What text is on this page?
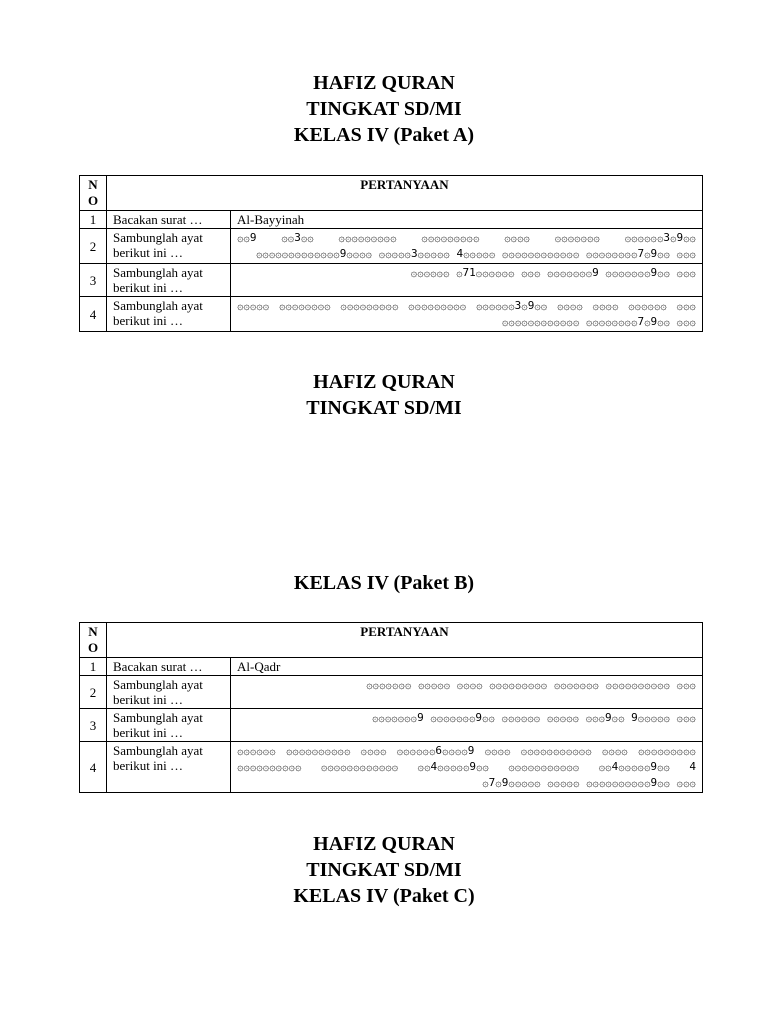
HAFIZ QURAN
TINGKAT SD/MI
KELAS IV (Paket A)
N O	PERTANYAAN	
1	Bacakan surat …	Al-Bayyinah
2	Sambunglah ayat berikut ini …	۞۞9 ۞۞3۞۞ ۞۞۞۞۞۞۞۞۞ ۞۞۞۞۞۞۞۞۞ ۞۞۞۞ ۞۞۞۞۞۞۞ ۞۞۞۞۞۞3۞9۞۞ ۞۞۞۞۞۞۞۞۞۞۞۞۞9۞۞۞۞ ۞۞۞۞۞3۞۞۞۞۞ 4۞۞۞۞۞ ۞۞۞۞۞۞۞۞۞۞۞۞ ۞۞۞۞۞۞۞۞7۞9۞۞ ۞۞۞
3	Sambunglah ayat berikut ini …	۞۞۞۞۞۞ ۞71۞۞۞۞۞۞ ۞۞۞ ۞۞۞۞۞۞۞9 ۞۞۞۞۞۞۞9۞۞ ۞۞۞
4	Sambunglah ayat berikut ini …	۞۞۞۞۞ ۞۞۞۞۞۞۞۞ ۞۞۞۞۞۞۞۞۞ ۞۞۞۞۞۞۞۞۞ ۞۞۞۞۞۞3۞9۞۞ ۞۞۞۞ ۞۞۞۞ ۞۞۞۞۞۞ ۞۞۞ ۞۞۞۞۞۞۞۞۞۞۞۞ ۞۞۞۞۞۞۞۞7۞9۞۞ ۞۞۞
HAFIZ QURAN
TINGKAT SD/MI
KELAS IV (Paket B)
N O	PERTANYAAN	
1	Bacakan surat …	Al-Qadr
2	Sambunglah ayat berikut ini …	۞۞۞۞۞۞۞ ۞۞۞۞۞ ۞۞۞۞ ۞۞۞۞۞۞۞۞۞ ۞۞۞۞۞۞۞ ۞۞۞۞۞۞۞۞۞۞ ۞۞۞
3	Sambunglah ayat berikut ini …	۞۞۞۞۞۞۞9 ۞۞۞۞۞۞۞9۞۞ ۞۞۞۞۞۞ ۞۞۞۞۞ ۞۞۞9۞۞ 9۞۞۞۞۞ ۞۞۞
4	Sambunglah ayat berikut ini …	۞۞۞۞۞۞ ۞۞۞۞۞۞۞۞۞۞ ۞۞۞۞ ۞۞۞۞۞۞6۞۞۞۞9 ۞۞۞۞ ۞۞۞۞۞۞۞۞۞۞۞ ۞۞۞۞ ۞۞۞۞۞۞۞۞۞ ۞۞۞۞۞۞۞۞۞۞ ۞۞۞۞۞۞۞۞۞۞۞۞ ۞۞4۞۞۞۞۞9۞۞ ۞۞۞۞۞۞۞۞۞۞۞ ۞۞4۞۞۞۞۞9۞۞ 4 ۞7۞9۞۞۞۞۞ ۞۞۞۞۞ ۞۞۞۞۞۞۞۞۞۞9۞۞ ۞۞۞
HAFIZ QURAN
TINGKAT SD/MI
KELAS IV (Paket C)
